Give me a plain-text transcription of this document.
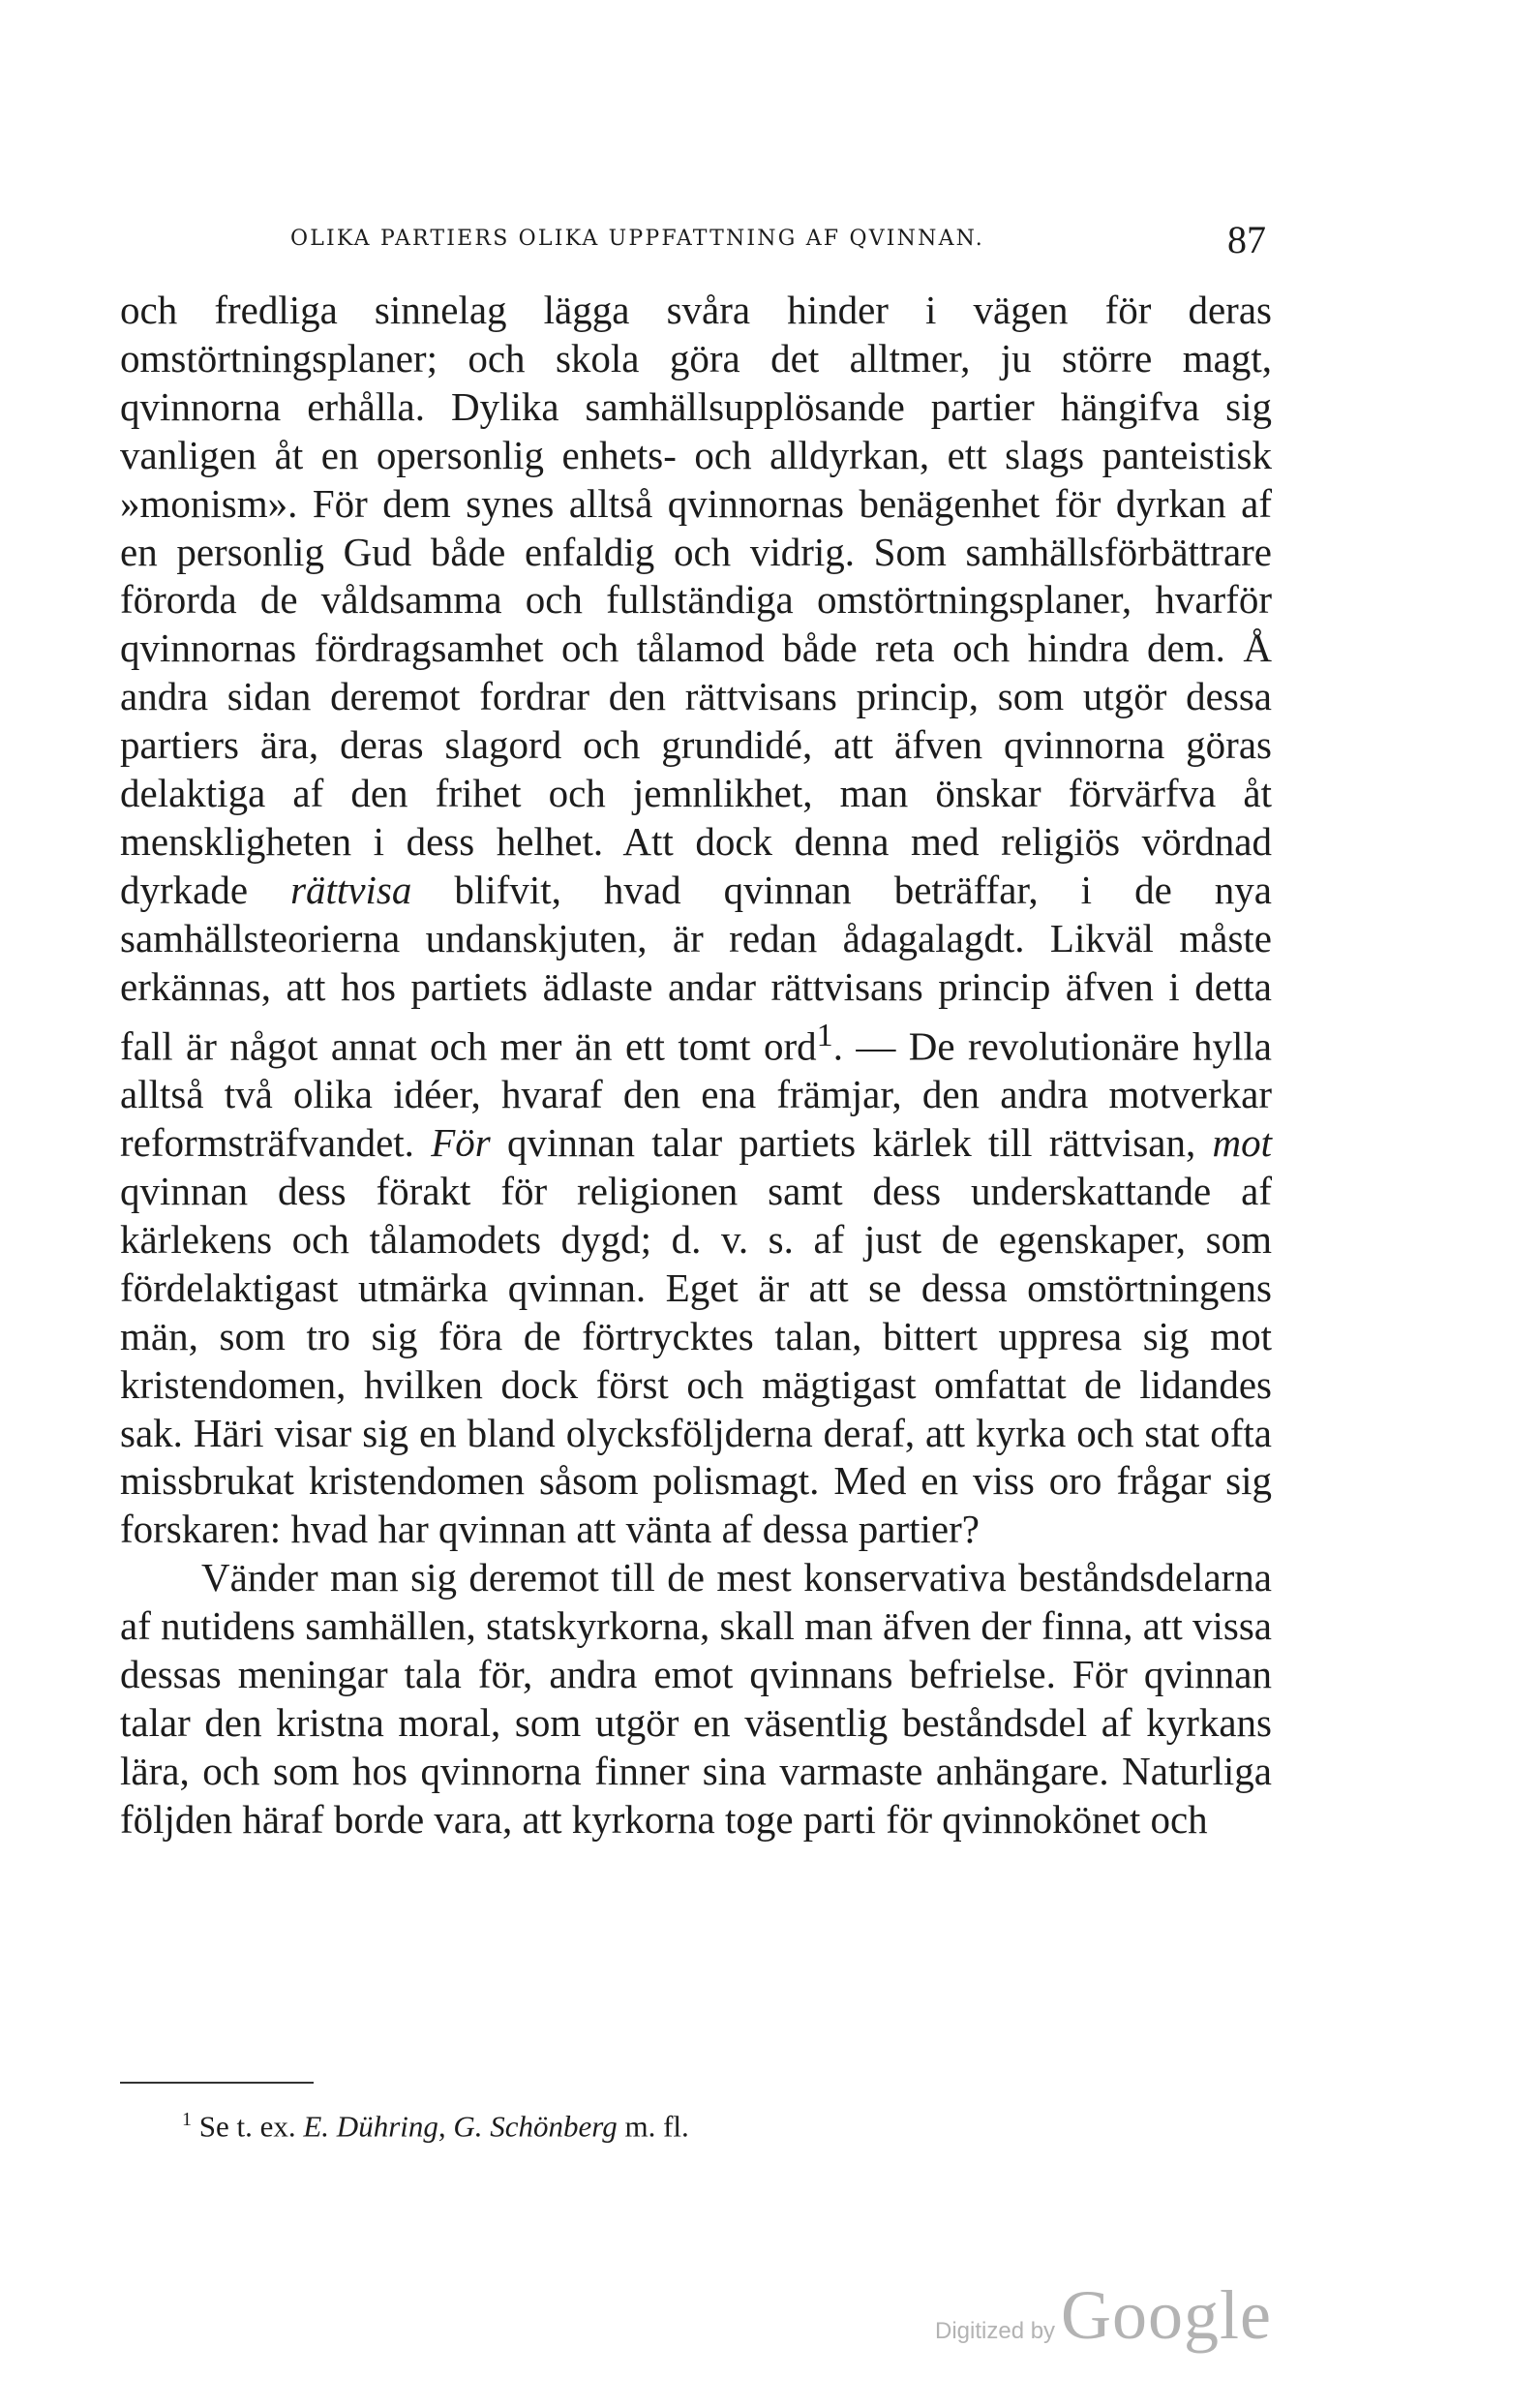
OLIKA PARTIERS OLIKA UPPFATTNING AF QVINNAN.	87

och fredliga sinnelag lägga svåra hinder i vägen för deras omstörtningsplaner; och skola göra det alltmer, ju större magt, qvinnorna erhålla. Dylika samhällsupplösande partier hängifva sig vanligen åt en opersonlig enhets- och alldyrkan, ett slags panteistisk »monism». För dem synes alltså qvinnornas benägenhet för dyrkan af en personlig Gud både enfaldig och vidrig. Som samhällsförbättrare förorda de våldsamma och fullständiga omstörtningsplaner, hvarför qvinnornas fördragsamhet och tålamod både reta och hindra dem. Å andra sidan deremot fordrar den rättvisans princip, som utgör dessa partiers ära, deras slagord och grundidé, att äfven qvinnorna göras delaktiga af den frihet och jemnlikhet, man önskar förvärfva åt menskligheten i dess helhet. Att dock denna med religiös vördnad dyrkade rättvisa blifvit, hvad qvinnan beträffar, i de nya samhällsteorierna undanskjuten, är redan ådagalagdt. Likväl måste erkännas, att hos partiets ädlaste andar rättvisans princip äfven i detta fall är något annat och mer än ett tomt ord$^1$. — De revolutionäre hylla alltså två olika idéer, hvaraf den ena främjar, den andra motverkar reformsträfvandet. För qvinnan talar partiets kärlek till rättvisan, mot qvinnan dess förakt för religionen samt dess underskattande af kärlekens och tålamodets dygd; d. v. s. af just de egenskaper, som fördelaktigast utmärka qvinnan. Eget är att se dessa omstörtningens män, som tro sig föra de förtrycktes talan, bittert uppresa sig mot kristendomen, hvilken dock först och mägtigast omfattat de lidandes sak. Häri visar sig en bland olycksföljderna deraf, att kyrka och stat ofta missbrukat kristendomen såsom polismagt. Med en viss oro frågar sig forskaren: hvad har qvinnan att vänta af dessa partier?

Vänder man sig deremot till de mest konservativa beståndsdelarna af nutidens samhällen, statskyrkorna, skall man äfven der finna, att vissa dessas meningar tala för, andra emot qvinnans befrielse. För qvinnan talar den kristna moral, som utgör en väsentlig beståndsdel af kyrkans lära, och som hos qvinnorna finner sina varmaste anhängare. Naturliga följden häraf borde vara, att kyrkorna toge parti för qvinnokönet och

$^1$ Se t. ex. E. Dühring, G. Schönberg m. fl.
Digitized by Google
